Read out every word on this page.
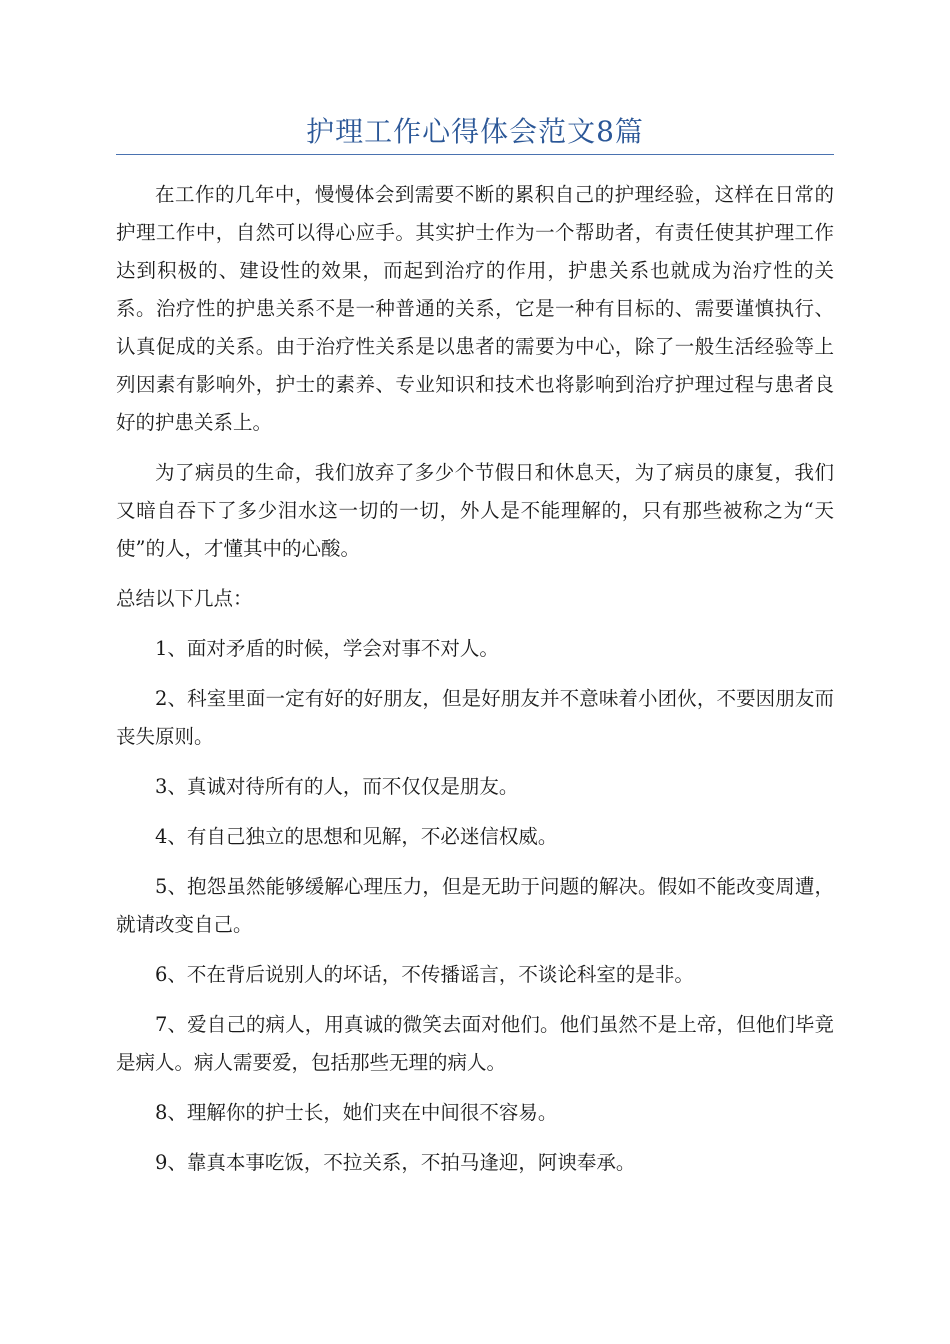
护理工作心得体会范文8篇

在工作的几年中，慢慢体会到需要不断的累积自己的护理经验，这样在日常的护理工作中，自然可以得心应手。其实护士作为一个帮助者，有责任使其护理工作达到积极的、建设性的效果，而起到治疗的作用，护患关系也就成为治疗性的关系。治疗性的护患关系不是一种普通的关系，它是一种有目标的、需要谨慎执行、认真促成的关系。由于治疗性关系是以患者的需要为中心，除了一般生活经验等上列因素有影响外，护士的素养、专业知识和技术也将影响到治疗护理过程与患者良好的护患关系上。

为了病员的生命，我们放弃了多少个节假日和休息天，为了病员的康复，我们又暗自吞下了多少泪水这一切的一切，外人是不能理解的，只有那些被称之为“天使”的人，才懂其中的心酸。

总结以下几点：

1、面对矛盾的时候，学会对事不对人。

2、科室里面一定有好的好朋友，但是好朋友并不意味着小团伙，不要因朋友而丧失原则。

3、真诚对待所有的人，而不仅仅是朋友。

4、有自己独立的思想和见解，不必迷信权威。

5、抱怨虽然能够缓解心理压力，但是无助于问题的解决。假如不能改变周遭，就请改变自己。

6、不在背后说别人的坏话，不传播谣言，不谈论科室的是非。

7、爱自己的病人，用真诚的微笑去面对他们。他们虽然不是上帝，但他们毕竟是病人。病人需要爱，包括那些无理的病人。

8、理解你的护士长，她们夹在中间很不容易。

9、靠真本事吃饭，不拉关系，不拍马逢迎，阿谀奉承。
